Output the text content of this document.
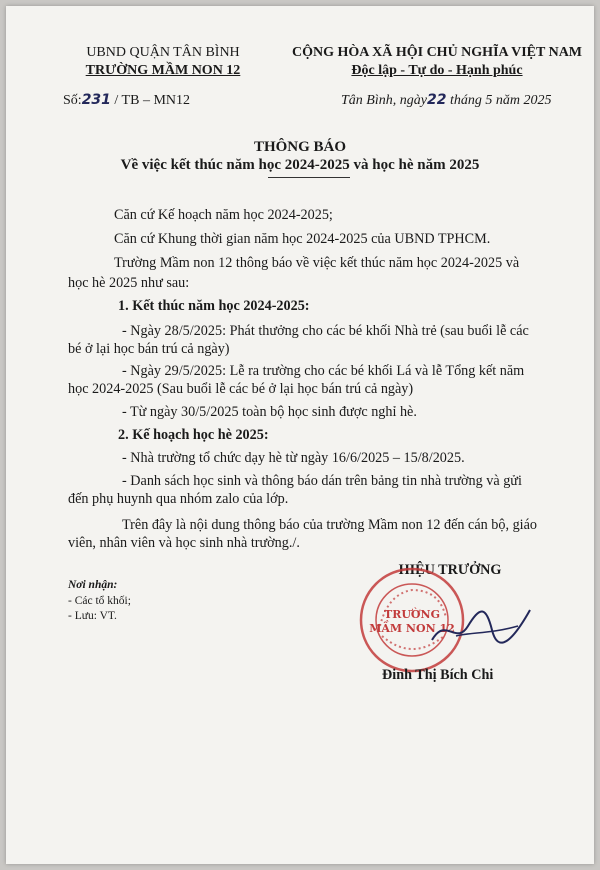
UBND QUẬN TÂN BÌNH
TRƯỜNG MẦM NON 12
CỘNG HÒA XÃ HỘI CHỦ NGHĨA VIỆT NAM
Độc lập - Tự do - Hạnh phúc
Số:231 / TB – MN12	Tân Bình, ngày22 tháng 5 năm 2025
THÔNG BÁO
Về việc kết thúc năm học 2024-2025 và học hè năm 2025
Căn cứ Kế hoạch năm học 2024-2025;
Căn cứ Khung thời gian năm học 2024-2025 của UBND TPHCM.
Trường Mầm non 12 thông báo về việc kết thúc năm học 2024-2025 và
học hè 2025 như sau:
1. Kết thúc năm học 2024-2025:
- Ngày 28/5/2025: Phát thưởng cho các bé khối Nhà trẻ (sau buổi lễ các
bé ở lại học bán trú cả ngày)
- Ngày 29/5/2025: Lễ ra trường cho các bé khối Lá và lễ Tổng kết năm
học 2024-2025 (Sau buổi lễ các bé ở lại học bán trú cả ngày)
- Từ ngày 30/5/2025 toàn bộ học sinh được nghỉ hè.
2. Kế hoạch học hè 2025:
- Nhà trường tổ chức dạy hè từ ngày 16/6/2025 – 15/8/2025.
- Danh sách học sinh và thông báo dán trên bảng tin nhà trường và gửi
đến phụ huynh qua nhóm zalo của lớp.
Trên đây là nội dung thông báo của trường Mầm non 12 đến cán bộ, giáo
viên, nhân viên và học sinh nhà trường./.
Nơi nhận:
- Các tổ khối;
- Lưu: VT.
HIỆU TRƯỞNG
TRƯỜNG
MẦM NON 12
Đinh Thị Bích Chi
